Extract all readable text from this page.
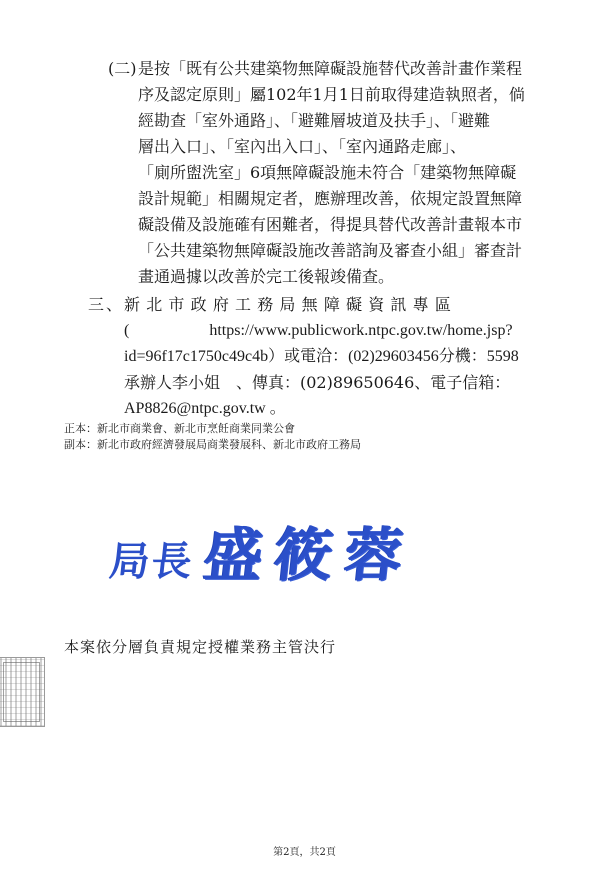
(二) 是按「既有公共建築物無障礙設施替代改善計畫作業程
序及認定原則」屬102年1月1日前取得建造執照者，倘
經勘查「室外通路」、「避難層坡道及扶手」、「避難
層出入口」、「室內出入口」、「室內通路走廊」、
「廁所盥洗室」6項無障礙設施未符合「建築物無障礙
設計規範」相關規定者，應辦理改善，依規定設置無障
礙設備及設施確有困難者，得提具替代改善計畫報本市
「公共建築物無障礙設施改善諮詢及審查小組」審查計
畫通過據以改善於完工後報竣備查。
三、新北市政府工務局無障礙資訊專區
(　　　　　https://www.publicwork.ntpc.gov.tw/home.jsp?
id=96f17c1750c49c4b）或電洽：(02)29603456分機：5598
承辦人李小姐　、傳真：(02)89650646、電子信箱：
AP8826@ntpc.gov.tw 。
正本：新北市商業會、新北市烹飪商業同業公會
副本：新北市政府經濟發展局商業發展科、新北市政府工務局
局長 盛筱蓉
本案依分層負責規定授權業務主管決行
第2頁，共2頁
